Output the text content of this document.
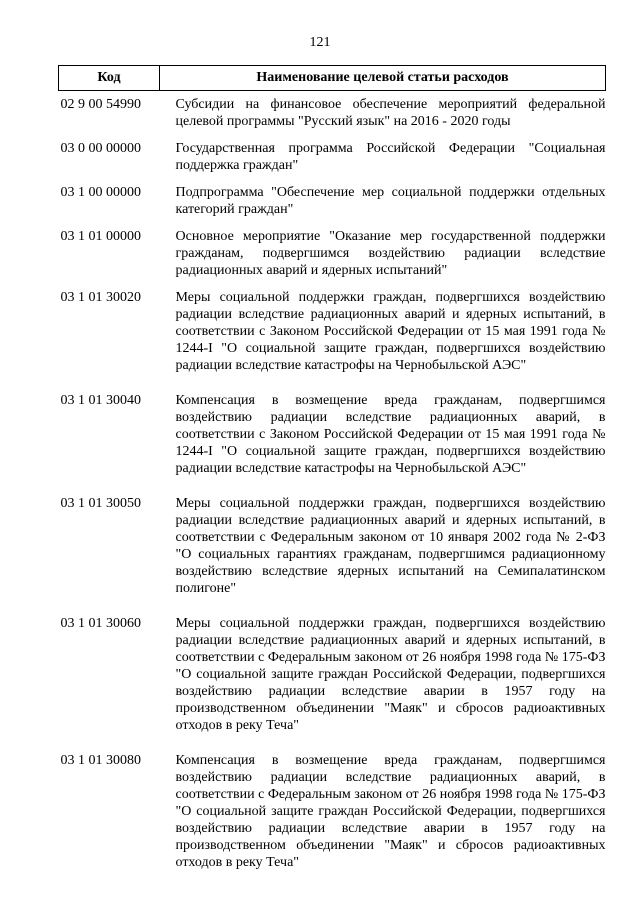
121
Код	Наименование целевой статьи расходов
02 9 00 54990	Субсидии на финансовое обеспечение мероприятий федеральной целевой программы "Русский язык" на 2016 - 2020 годы
03 0 00 00000	Государственная программа Российской Федерации "Социальная поддержка граждан"
03 1 00 00000	Подпрограмма "Обеспечение мер социальной поддержки отдельных категорий граждан"
03 1 01 00000	Основное мероприятие "Оказание мер государственной поддержки гражданам, подвергшимся воздействию радиации вследствие радиационных аварий и ядерных испытаний"
03 1 01 30020	Меры социальной поддержки граждан, подвергшихся воздействию радиации вследствие радиационных аварий и ядерных испытаний, в соответствии с Законом Российской Федерации от 15 мая 1991 года № 1244-I "О социальной защите граждан, подвергшихся воздействию радиации вследствие катастрофы на Чернобыльской АЭС"
03 1 01 30040	Компенсация в возмещение вреда гражданам, подвергшимся воздействию радиации вследствие радиационных аварий, в соответствии с Законом Российской Федерации от 15 мая 1991 года № 1244-I "О социальной защите граждан, подвергшихся воздействию радиации вследствие катастрофы на Чернобыльской АЭС"
03 1 01 30050	Меры социальной поддержки граждан, подвергшихся воздействию радиации вследствие радиационных аварий и ядерных испытаний, в соответствии с Федеральным законом от 10 января 2002 года № 2-ФЗ "О социальных гарантиях гражданам, подвергшимся радиационному воздействию вследствие ядерных испытаний на Семипалатинском полигоне"
03 1 01 30060	Меры социальной поддержки граждан, подвергшихся воздействию радиации вследствие радиационных аварий и ядерных испытаний, в соответствии с Федеральным законом от 26 ноября 1998 года № 175-ФЗ "О социальной защите граждан Российской Федерации, подвергшихся воздействию радиации вследствие аварии в 1957 году на производственном объединении "Маяк" и сбросов радиоактивных отходов в реку Теча"
03 1 01 30080	Компенсация в возмещение вреда гражданам, подвергшимся воздействию радиации вследствие радиационных аварий, в соответствии с Федеральным законом от 26 ноября 1998 года № 175-ФЗ "О социальной защите граждан Российской Федерации, подвергшихся воздействию радиации вследствие аварии в 1957 году на производственном объединении "Маяк" и сбросов радиоактивных отходов в реку Теча"
